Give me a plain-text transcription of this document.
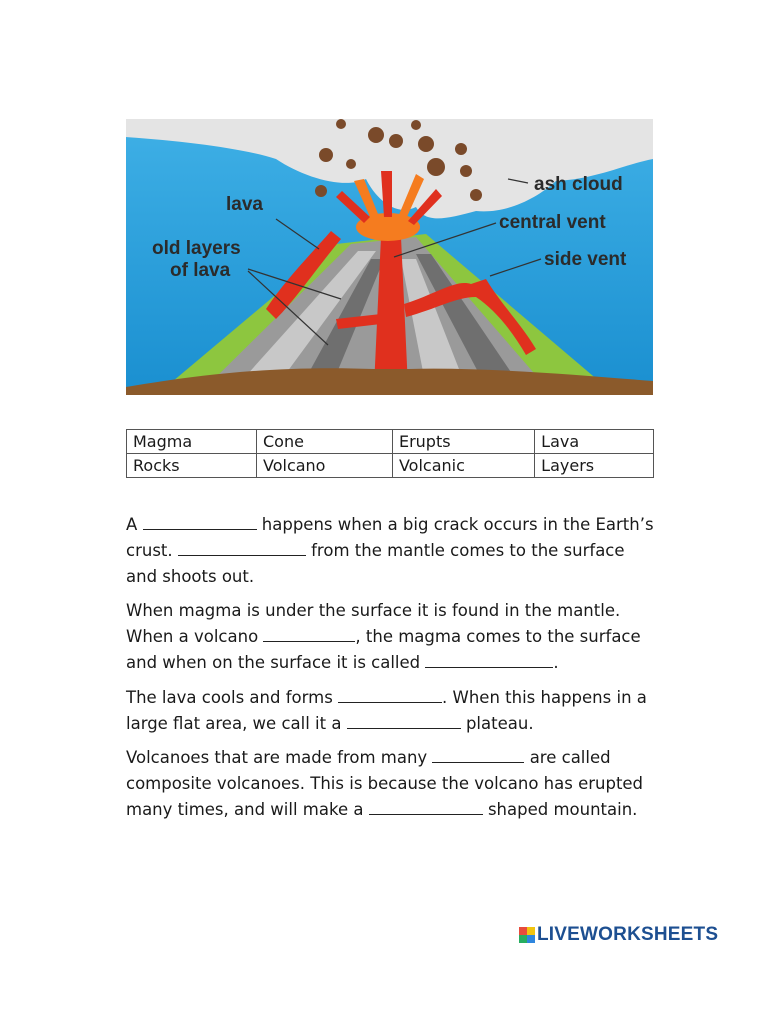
lava
old layers
of lava
ash cloud
central vent
side vent
Magma	Cone	Erupts	Lava
Rocks	Volcano	Volcanic	Layers

A	happens when a big crack occurs in the Earth’s crust.	from the mantle comes to the surface and shoots out.

When magma is under the surface it is found in the mantle. When a volcano	, the magma comes to the surface and when on the surface it is called	.

The lava cools and forms	. When this happens in a large flat area, we call it a	plateau.

Volcanoes that are made from many	are called composite volcanoes. This is because the volcano has erupted many times, and will make a	shaped mountain.

LIVEWORKSHEETS
